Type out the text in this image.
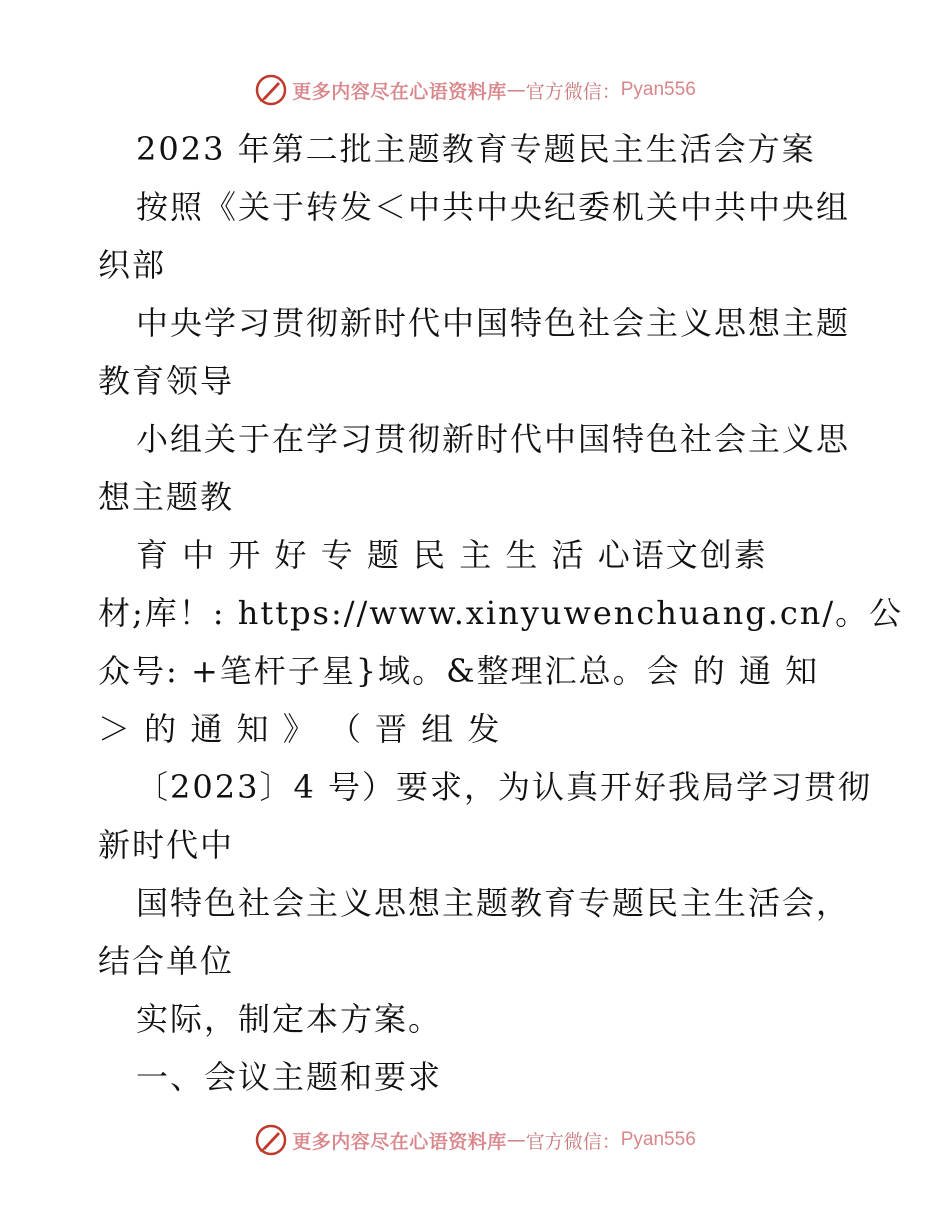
更多内容尽在心语资料库 — 官方微信： Pyan556
2023 年第二批主题教育专题民主生活会方案
按照《关于转发＜中共中央纪委机关中共中央组
织部
中央学习贯彻新时代中国特色社会主义思想主题
教育领导
小组关于在学习贯彻新时代中国特色社会主义思
想主题教
育 中 开 好 专 题 民 主 生 活 心语文创素
材;库！: https://www.xinyuwenchuang.cn/。公
众号: +笔杆子星}域。&整理汇总。会 的 通 知
＞ 的 通 知 》 （ 晋 组 发
〔2023〕4 号）要求，为认真开好我局学习贯彻
新时代中
国特色社会主义思想主题教育专题民主生活会，
结合单位
实际，制定本方案。
一、会议主题和要求
更多内容尽在心语资料库 — 官方微信： Pyan556
